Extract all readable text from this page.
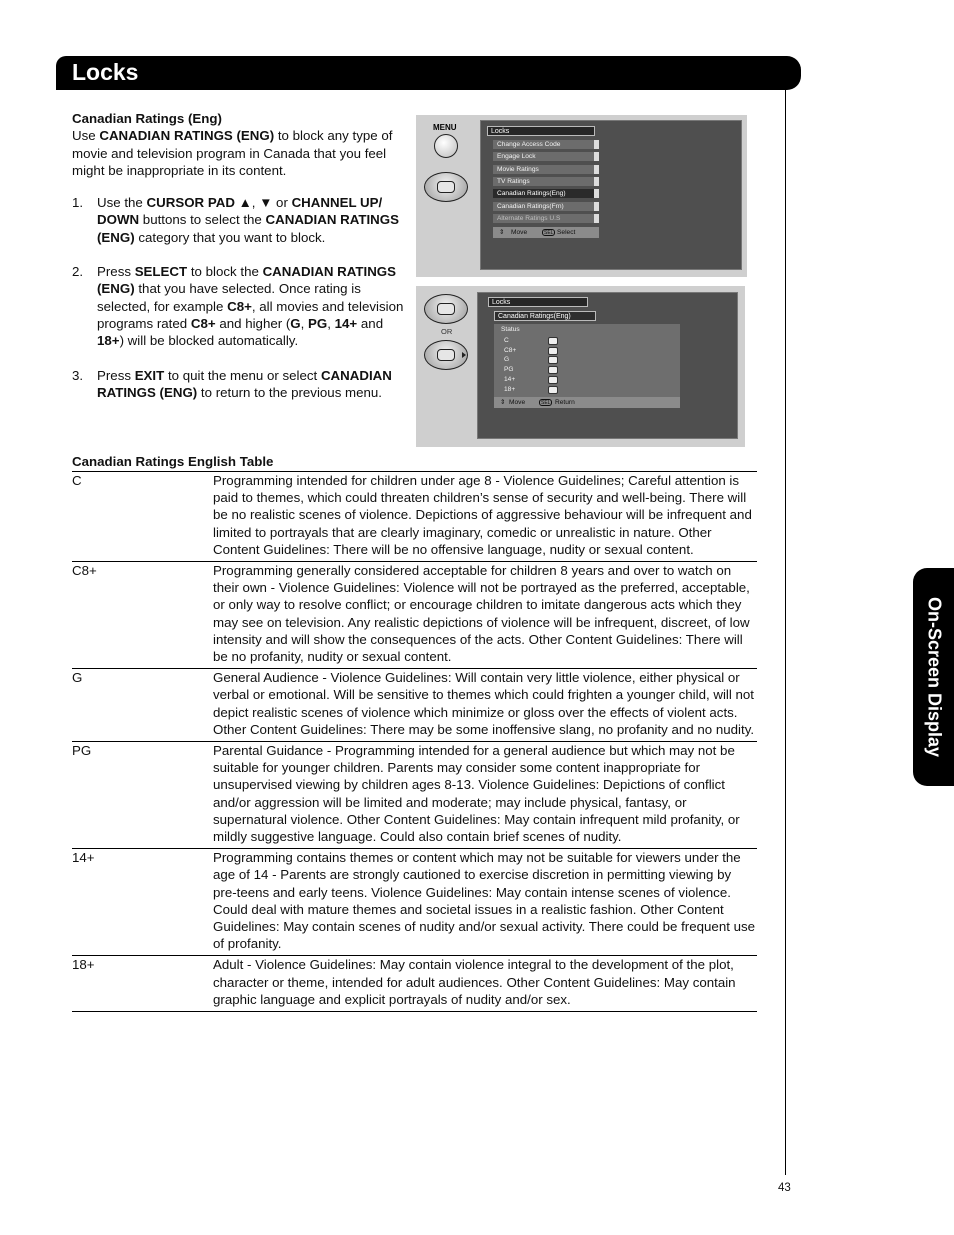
Locks
On-Screen Display
Canadian Ratings (Eng)
Use CANADIAN RATINGS (ENG) to block any type of movie and television program in Canada that you feel might be inappropriate in its content.
1. Use the CURSOR PAD ▲, ▼ or CHANNEL UP/ DOWN buttons to select the CANADIAN RATINGS (ENG) category that you want to block.
2. Press SELECT to block the CANADIAN RATINGS (ENG) that you have selected. Once rating is selected, for example C8+, all movies and television programs rated C8+ and higher (G, PG, 14+ and 18+) will be blocked automatically.
3. Press EXIT to quit the menu or select CANADIAN RATINGS (ENG) to return to the previous menu.
MENU	Locks
Change Access Code
Engage Lock
Movie Ratings
TV Ratings
Canadian Ratings(Eng)
Canadian Ratings(Frn)
Alternate Ratings U.S
⇕ Move	SEL Select
OR
Locks
Canadian Ratings(Eng)
Status
C
C8+
G
PG
14+
18+
⇕ Move	SEL Return
Canadian Ratings English Table
C	Programming intended for children under age 8 - Violence Guidelines; Careful attention is paid to themes, which could threaten children’s sense of security and well-being. There will be no realistic scenes of violence. Depictions of aggressive behaviour will be infrequent and limited to portrayals that are clearly imaginary, comedic or unrealistic in nature. Other Content Guidelines: There will be no offensive language, nudity or sexual content.
C8+	Programming generally considered acceptable for children 8 years and over to watch on their own - Violence Guidelines: Violence will not be portrayed as the preferred, acceptable, or only way to resolve conflict; or encourage children to imitate dangerous acts which they may see on television. Any realistic depictions of violence will be infrequent, discreet, of low intensity and will show the consequences of the acts. Other Content Guidelines: There will be no profanity, nudity or sexual content.
G	General Audience - Violence Guidelines: Will contain very little violence, either physical or verbal or emotional. Will be sensitive to themes which could frighten a younger child, will not depict realistic scenes of violence which minimize or gloss over the effects of violent acts. Other Content Guidelines: There may be some inoffensive slang, no profanity and no nudity.
PG	Parental Guidance - Programming intended for a general audience but which may not be suitable for younger children. Parents may consider some content inappropriate for unsupervised viewing by children ages 8-13. Violence Guidelines: Depictions of conflict and/or aggression will be limited and moderate; may include physical, fantasy, or supernatural violence. Other Content Guidelines: May contain infrequent mild profanity, or mildly suggestive language. Could also contain brief scenes of nudity.
14+	Programming contains themes or content which may not be suitable for viewers under the age of 14 - Parents are strongly cautioned to exercise discretion in permitting viewing by pre-teens and early teens. Violence Guidelines: May contain intense scenes of violence. Could deal with mature themes and societal issues in a realistic fashion. Other Content Guidelines: May contain scenes of nudity and/or sexual activity. There could be frequent use of profanity.
18+	Adult - Violence Guidelines: May contain violence integral to the development of the plot, character or theme, intended for adult audiences. Other Content Guidelines: May contain graphic language and explicit portrayals of nudity and/or sex.
43
